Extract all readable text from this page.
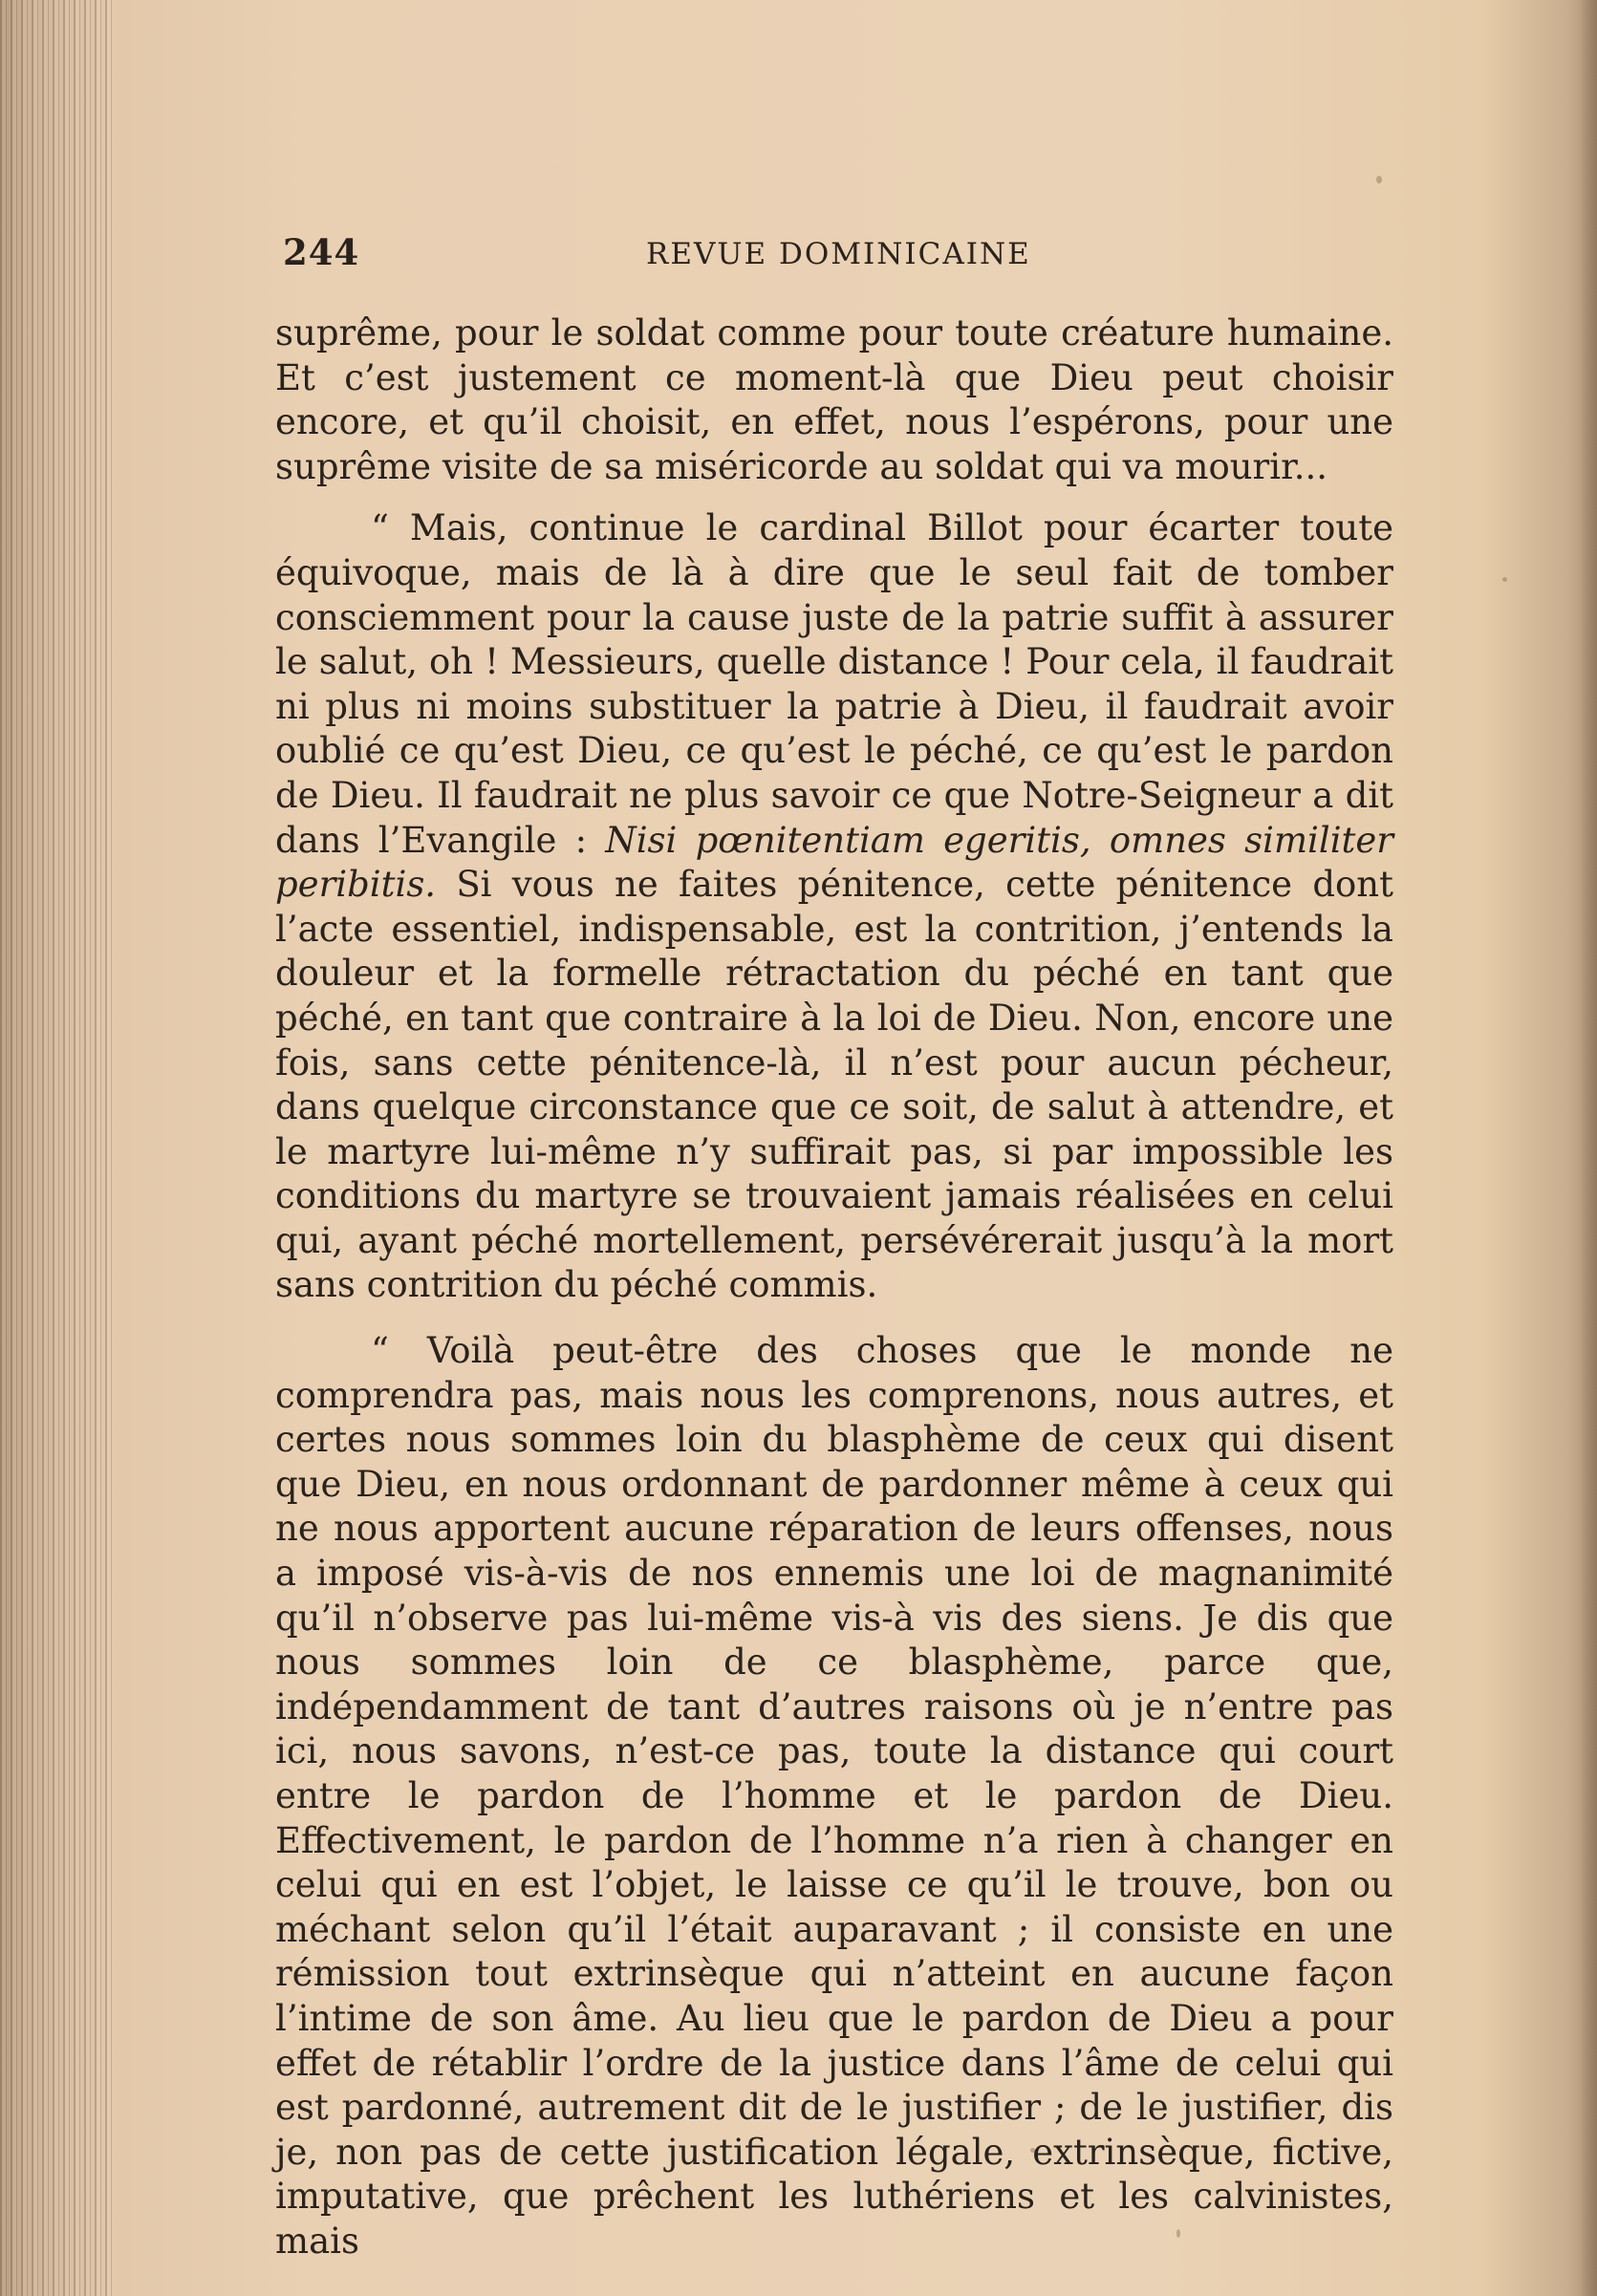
244	REVUE DOMINICAINE

suprême, pour le soldat comme pour toute créature humaine. Et c’est justement ce moment-là que Dieu peut choisir encore, et qu’il choisit, en effet, nous l’espérons, pour une suprême visite de sa miséricorde au soldat qui va mourir...

“ Mais, continue le cardinal Billot pour écarter toute équivoque, mais de là à dire que le seul fait de tomber consciemment pour la cause juste de la patrie suffit à assurer le salut, oh ! Messieurs, quelle distance ! Pour cela, il faudrait ni plus ni moins substituer la patrie à Dieu, il faudrait avoir oublié ce qu’est Dieu, ce qu’est le péché, ce qu’est le pardon de Dieu. Il faudrait ne plus savoir ce que Notre-Seigneur a dit dans l’Evangile : Nisi pœnitentiam egeritis, omnes similiter peribitis. Si vous ne faites pénitence, cette pénitence dont l’acte essentiel, indispensable, est la contrition, j’entends la douleur et la formelle rétractation du péché en tant que péché, en tant que contraire à la loi de Dieu. Non, encore une fois, sans cette pénitence-là, il n’est pour aucun pécheur, dans quelque circonstance que ce soit, de salut à attendre, et le martyre lui-même n’y suffirait pas, si par impossible les conditions du martyre se trouvaient jamais réalisées en celui qui, ayant péché mortellement, persévérerait jusqu’à la mort sans contrition du péché commis.

“ Voilà peut-être des choses que le monde ne comprendra pas, mais nous les comprenons, nous autres, et certes nous sommes loin du blasphème de ceux qui disent que Dieu, en nous ordonnant de pardonner même à ceux qui ne nous apportent aucune réparation de leurs offenses, nous a imposé vis-à-vis de nos ennemis une loi de magnanimité qu’il n’observe pas lui-même vis-à vis des siens. Je dis que nous sommes loin de ce blasphème, parce que, indépendamment de tant d’autres raisons où je n’entre pas ici, nous savons, n’est-ce pas, toute la distance qui court entre le pardon de l’homme et le pardon de Dieu. Effectivement, le pardon de l’homme n’a rien à changer en celui qui en est l’objet, le laisse ce qu’il le trouve, bon ou méchant selon qu’il l’était auparavant ; il consiste en une rémission tout extrinsèque qui n’atteint en aucune façon l’intime de son âme. Au lieu que le pardon de Dieu a pour effet de rétablir l’ordre de la justice dans l’âme de celui qui est pardonné, autrement dit de le justifier ; de le justifier, dis je, non pas de cette justification légale, extrinsèque, fictive, imputative, que prêchent les luthériens et les calvinistes, mais
